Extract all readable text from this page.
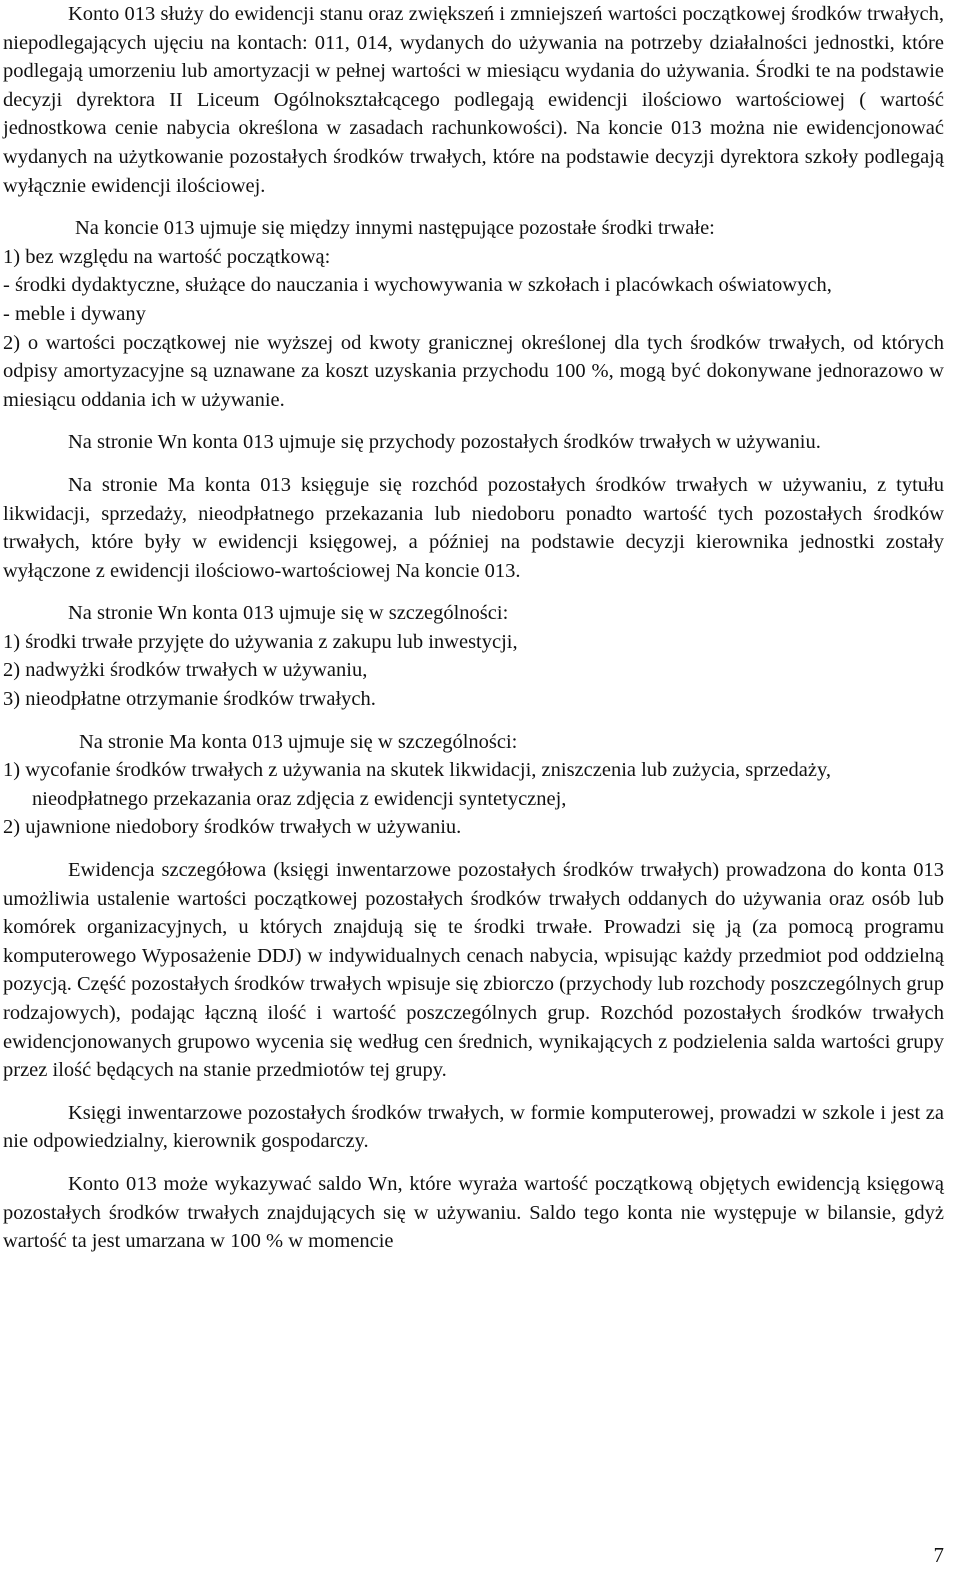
Konto 013 służy do ewidencji stanu oraz zwiększeń i zmniejszeń wartości początkowej środków trwałych, niepodlegających ujęciu na kontach: 011, 014, wydanych do używania na potrzeby działalności jednostki, które podlegają umorzeniu lub amortyzacji w pełnej wartości w miesiącu wydania do używania. Środki te na podstawie decyzji dyrektora II Liceum Ogólnokształcącego podlegają ewidencji ilościowo wartościowej ( wartość jednostkowa cenie nabycia określona w zasadach rachunkowości). Na koncie 013 można nie ewidencjonować wydanych na użytkowanie pozostałych środków trwałych, które na podstawie decyzji dyrektora szkoły podlegają wyłącznie ewidencji ilościowej.

Na koncie 013 ujmuje się między innymi następujące pozostałe środki trwałe:

1) bez względu na wartość początkową:

- środki dydaktyczne, służące do nauczania i wychowywania w szkołach i placówkach oświatowych,

- meble i dywany

2) o wartości początkowej nie wyższej od kwoty granicznej określonej dla tych środków trwałych, od których odpisy amortyzacyjne są uznawane za koszt uzyskania przychodu 100 %, mogą być dokonywane jednorazowo w miesiącu oddania ich w używanie.

Na stronie Wn konta 013 ujmuje się przychody pozostałych środków trwałych w używaniu.

Na stronie Ma konta 013 księguje się rozchód pozostałych środków trwałych w używaniu, z tytułu likwidacji, sprzedaży, nieodpłatnego przekazania lub niedoboru ponadto wartość tych pozostałych środków trwałych, które były w ewidencji księgowej, a później na podstawie decyzji kierownika jednostki zostały wyłączone z ewidencji ilościowo-wartościowej Na koncie 013.

Na stronie Wn konta 013 ujmuje się w szczególności:

1) środki trwałe przyjęte do używania z zakupu lub inwestycji,

2) nadwyżki środków trwałych w używaniu,

3) nieodpłatne otrzymanie środków trwałych.

Na stronie Ma konta 013 ujmuje się w szczególności:

1) wycofanie środków trwałych z używania na skutek likwidacji, zniszczenia lub zużycia, sprzedaży, nieodpłatnego przekazania oraz zdjęcia z ewidencji syntetycznej,

2) ujawnione niedobory środków trwałych w używaniu.

Ewidencja szczegółowa (księgi inwentarzowe pozostałych środków trwałych) prowadzona do konta 013 umożliwia ustalenie wartości początkowej pozostałych środków trwałych oddanych do używania oraz osób lub komórek organizacyjnych, u których znajdują się te środki trwałe. Prowadzi się ją (za pomocą programu komputerowego Wyposażenie DDJ) w indywidualnych cenach nabycia, wpisując każdy przedmiot pod oddzielną pozycją. Część pozostałych środków trwałych wpisuje się zbiorczo (przychody lub rozchody poszczególnych grup rodzajowych), podając łączną ilość i wartość poszczególnych grup. Rozchód pozostałych środków trwałych ewidencjonowanych grupowo wycenia się według cen średnich, wynikających z podzielenia salda wartości grupy przez ilość będących na stanie przedmiotów tej grupy.

Księgi inwentarzowe pozostałych środków trwałych, w formie komputerowej, prowadzi w szkole i jest za nie odpowiedzialny, kierownik gospodarczy.

Konto 013 może wykazywać saldo Wn, które wyraża wartość początkową objętych ewidencją księgową pozostałych środków trwałych znajdujących się w używaniu. Saldo tego konta nie występuje w bilansie, gdyż wartość ta jest umarzana w 100 % w momencie

7
